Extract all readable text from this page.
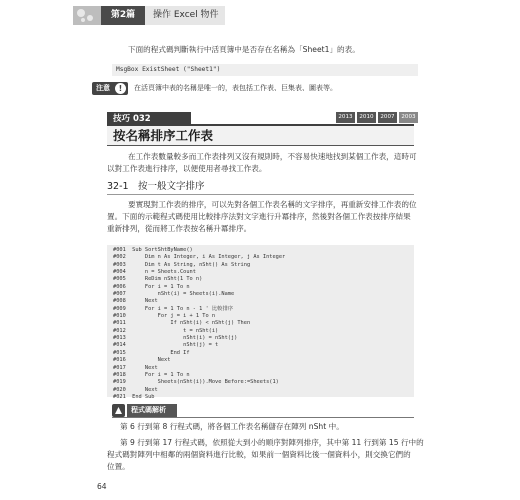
第2篇	操作 Excel 物件
下面的程式碼判斷執行中活頁簿中是否存在名稱為「Sheet1」的表。
MsgBox ExistSheet ("Sheet1")
注意	!	在活頁簿中表的名稱是唯一的，表包括工作表、巨集表、圖表等。
技巧 032	2013	2010	2007	2003
按名稱排序工作表
在工作表數量較多而工作表排列又沒有規則時，不容易快速地找到某個工作表，這時可
以對工作表進行排序，以便使用者尋找工作表。
32-1　按一般文字排序
要實現對工作表的排序，可以先對各個工作表名稱的文字排序，再重新安排工作表的位
置。下面的示範程式碼使用比較排序法對文字進行升冪排序，然後對各個工作表按排序結果
重新排列，從而將工作表按名稱升冪排序。
#001  Sub SortShtByName()
#002      Dim n As Integer, i As Integer, j As Integer
#003      Dim t As String, nSht() As String
#004      n = Sheets.Count
#005      ReDim nSht(1 To n)
#006      For i = 1 To n
#007          nSht(i) = Sheets(i).Name
#008      Next
#009      For i = 1 To n - 1 ' 比較排序
#010          For j = i + 1 To n
#011              If nSht(i) < nSht(j) Then
#012                  t = nSht(i)
#013                  nSht(i) = nSht(j)
#014                  nSht(j) = t
#015              End If
#016          Next
#017      Next
#018      For i = 1 To n
#019          Sheets(nSht(i)).Move Before:=Sheets(1)
#020      Next
#021  End Sub
程式碼解析
第 6 行到第 8 行程式碼，將各個工作表名稱儲存在陣列 nSht 中。
第 9 行到第 17 行程式碼，依照從大到小的順序對陣列排序，其中第 11 行到第 15 行中的
程式碼對陣列中相鄰的兩個資料進行比較，如果前一個資料比後一個資料小，則交換它們的
位置。
64
